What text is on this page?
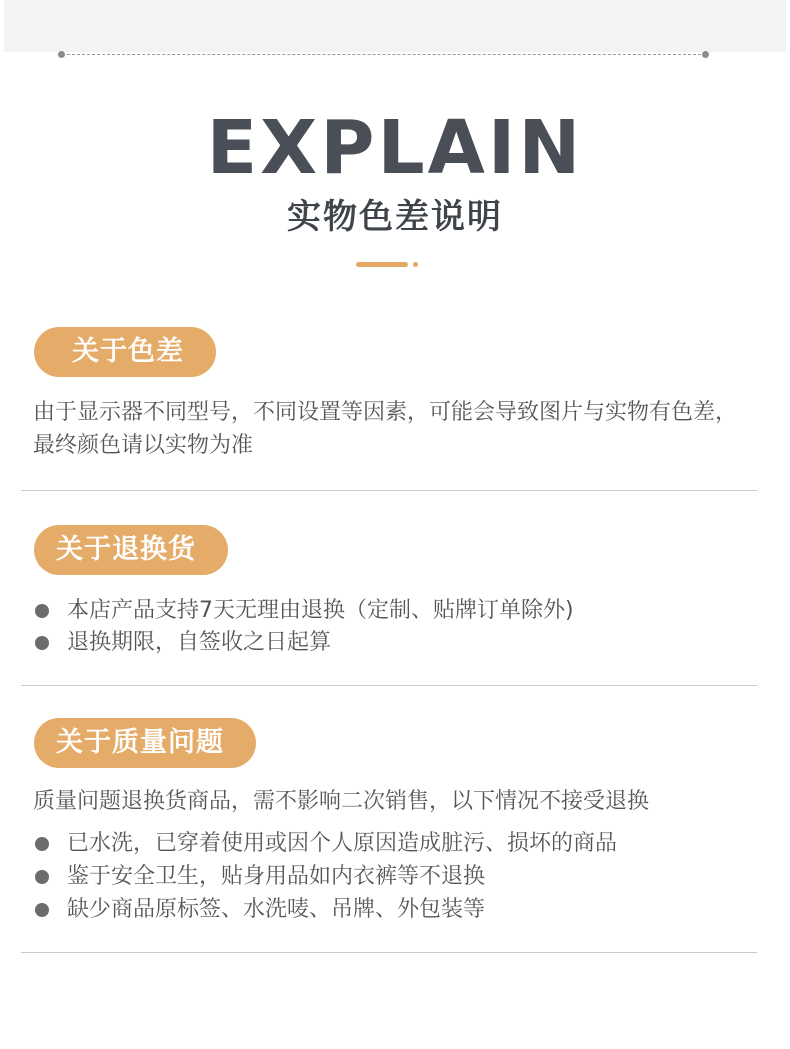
EXPLAIN
实物色差说明
关于色差
由于显示器不同型号，不同设置等因素，可能会导致图片与实物有色差，最终颜色请以实物为准
关于退换货
本店产品支持7天无理由退换（定制、贴牌订单除外)
退换期限，自签收之日起算
关于质量问题
质量问题退换货商品，需不影响二次销售，以下情况不接受退换
已水洗，已穿着使用或因个人原因造成脏污、损坏的商品
鉴于安全卫生，贴身用品如内衣裤等不退换
缺少商品原标签、水洗唛、吊牌、外包装等
